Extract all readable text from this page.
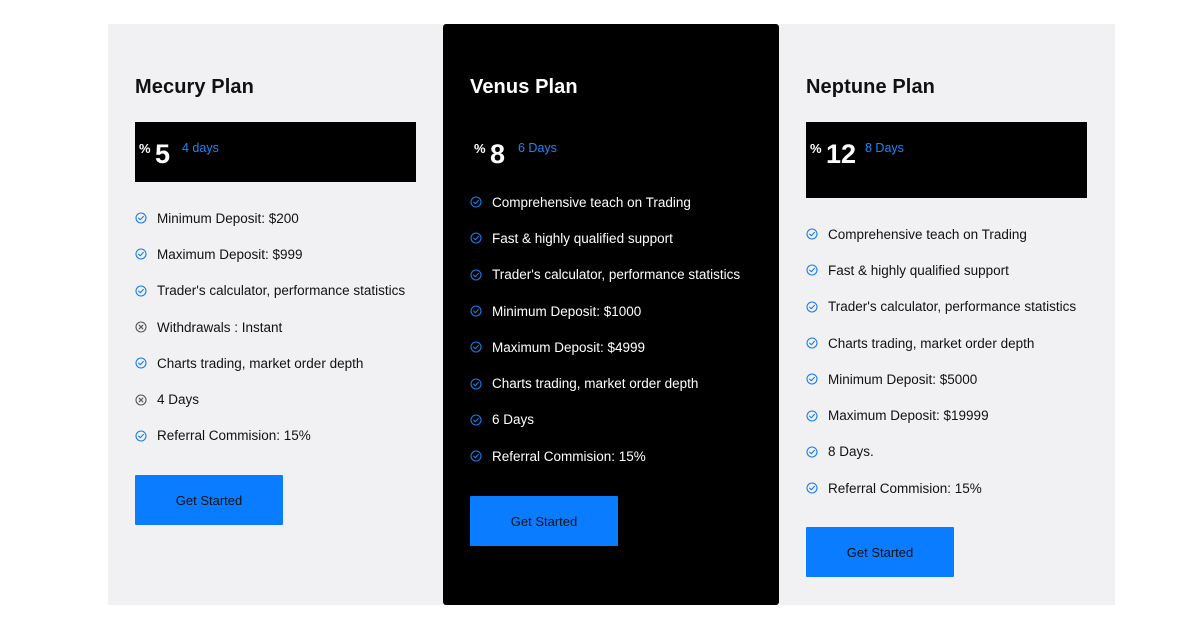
Mecury Plan
% 5 4 days
Minimum Deposit: $200
Maximum Deposit: $999
Trader's calculator, performance statistics
Withdrawals : Instant
Charts trading, market order depth
4 Days
Referral Commision: 15%
Get Started
Venus Plan
% 8 6 Days
Comprehensive teach on Trading
Fast & highly qualified support
Trader's calculator, performance statistics
Minimum Deposit: $1000
Maximum Deposit: $4999
Charts trading, market order depth
6 Days
Referral Commision: 15%
Get Started
Neptune Plan
% 12 8 Days
Comprehensive teach on Trading
Fast & highly qualified support
Trader's calculator, performance statistics
Charts trading, market order depth
Minimum Deposit: $5000
Maximum Deposit: $19999
8 Days.
Referral Commision: 15%
Get Started
